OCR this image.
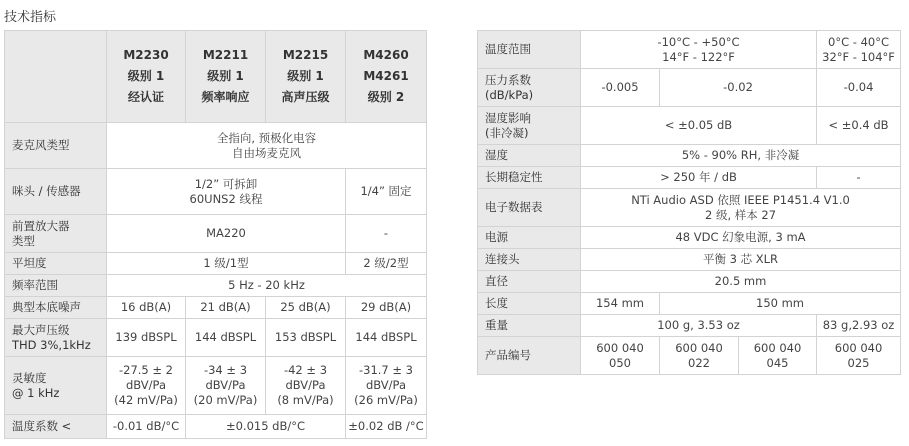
技术指标

	M2230
级别 1
经认证	M2211
级别 1
频率响应	M2215
级别 1
高声压级	M4260
M4261
级别 2

麦克风类型	全指向, 预极化电容
自由场麦克风			

咪头 / 传感器	1/2” 可拆卸
60UNS2 线程			1/4” 固定

前置放大器
类型	MA220			-

平坦度	1 级/1型			2 级/2型

频率范围	5 Hz - 20 kHz			

典型本底噪声	16 dB(A)	21 dB(A)	25 dB(A)	29 dB(A)

最大声压级
THD 3%,1kHz	139 dBSPL	144 dBSPL	153 dBSPL	144 dBSPL

灵敏度
@ 1 kHz	-27.5 ± 2
dBV/Pa
(42 mV/Pa)	-34 ± 3
dBV/Pa
(20 mV/Pa)	-42 ± 3
dBV/Pa
(8 mV/Pa)	-31.7 ± 3
dBV/Pa
(26 mV/Pa)

温度系数 <	-0.01 dB/°C	±0.015 dB/°C		±0.02 dB /°C
温度范围	-10°C - +50°C
14°F - 122°F			0°C - 40°C
32°F - 104°F

压力系数
(dB/kPa)	-0.005	-0.02		-0.04

湿度影响
(非冷凝)	< ±0.05 dB			< ±0.4 dB

湿度	5% - 90% RH, 非冷凝			

长期稳定性	> 250 年 / dB			-

电子数据表	NTi Audio ASD 依照 IEEE P1451.4 V1.0
2 级, 样本 27			

电源	48 VDC 幻象电源, 3 mA			

连接头	平衡 3 芯 XLR			

直径	20.5 mm			

长度	154 mm	150 mm		

重量	100 g, 3.53 oz			83 g,2.93 oz

产品编号	600 040
050	600 040
022	600 040
045	600 040
025
